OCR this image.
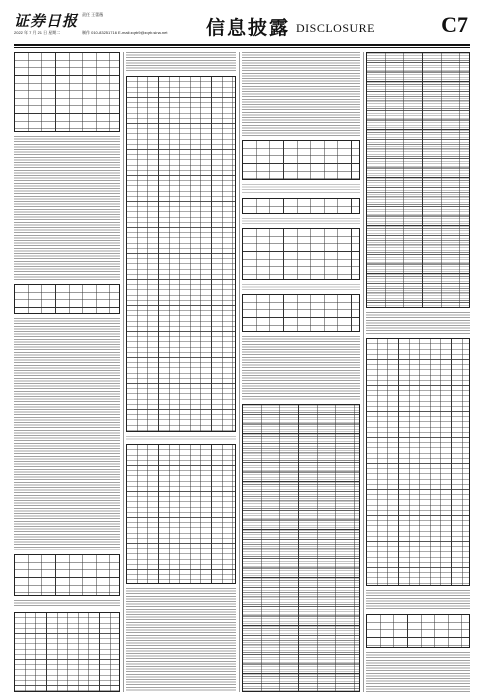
证券日报 责任 王蕾薇
2022 年 7 月 21 日 星期二	制作 010-83251716 E-mail:zqrb9@zqrb.sina.net 信息披露 DISCLOSURE	C7
